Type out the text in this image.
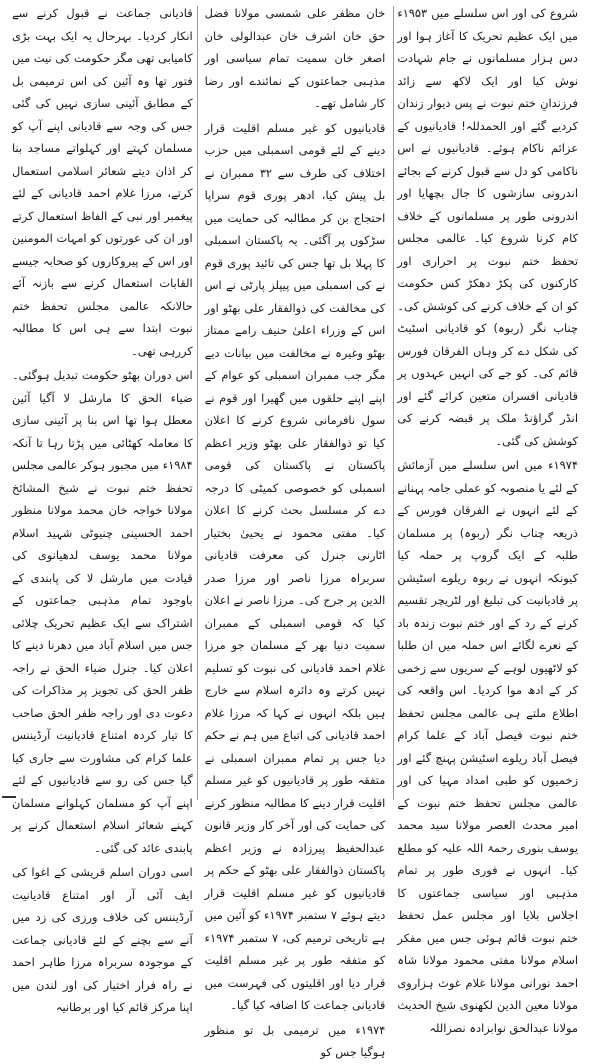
شروع کی اور اس سلسلے میں ۱۹۵۳ء میں ایک عظیم تحریک کا آغاز ہوا اور دس ہزار مسلمانوں نے جام شہادت نوش کیا اور ایک لاکھ سے زائد فرزندانِ ختم نبوت نے پس دیوار زندان کردیے گئے اور الحمدللہ! قادیانیوں کے عزائم ناکام ہوئے۔ قادیانیوں نے اس ناکامی کو دل سے قبول کرنے کے بجائے اندرونی سازشوں کا جال بچھایا اور اندرونی طور پر مسلمانوں کے خلاف کام کرنا شروع کیا۔ عالمی مجلس تحفظ ختم نبوت پر احراری اور کارکنوں کی پکڑ دھکڑ کس حکومت کو ان کے خلاف کرنے کی کوشش کی۔ چناب نگر (ربوہ) کو قادیانی اسٹیٹ کی شکل دے کر وہاں الفرقان فورس قائم کی۔ کو جے کی انہیں عہدوں پر قادیانی افسران متعین کرائے گئے اور انڈر گراؤنڈ ملک پر قبضہ کرنے کی کوشش کی گئی۔

۱۹۷۴ء میں اس سلسلے میں آزمائش کے لئے یا منصوبہ کو عملی جامہ پہنانے کے لئے انہوں نے الفرقان فورس کے ذریعہ چناب نگر (ربوہ) پر مسلمان طلبہ کے ایک گروپ پر حملہ کیا کیونکہ انہوں نے ربوہ ریلوے اسٹیشن پر قادیانیت کی تبلیغ اور لٹریچر تقسیم کرنے کے رد کے اور ختم نبوت زندہ باد کے نعرے لگائے اس حملہ میں ان طلبا کو لاٹھیوں لوہے کے سریوں سے زخمی کر کے ادھ موا کردیا۔ اس واقعہ کی اطلاع ملتے ہی عالمی مجلس تحفظ ختم نبوت فیصل آباد کے علما کرام فیصل آباد ریلوے اسٹیشن پہنچ گئے اور زخمیوں کو طبی امداد مہیا کی اور عالمی مجلس تحفظ ختم نبوت کے امیر محدث العصر مولانا سید محمد یوسف بنوری رحمۃ اللہ علیہ کو مطلع کیا۔ انہوں نے فوری طور پر تمام مذہبی اور سیاسی جماعتوں کا اجلاس بلایا اور مجلس عمل تحفظ ختم نبوت قائم ہوئی جس میں مفکر اسلام مولانا مفتی محمود مولانا شاہ احمد نورانی مولانا غلام غوث ہزاروی مولانا معین الدین لکھنوی شیخ الحدیث مولانا عبدالحق نوابزادہ نصراللہ

خان مظفر علی شمسی مولانا فضل حق خان اشرف خان عبدالولی خان اصغر خان سمیت تمام سیاسی اور مذہبی جماعتوں کے نمائندے اور رضا کار شامل تھے۔

قادیانیوں کو غیر مسلم اقلیت قرار دینے کے لئے قومی اسمبلی میں حزب اختلاف کی طرف سے ۳۲ ممبران نے بل پیش کیا، ادھر پوری قوم سراپا احتجاج بن کر مطالبہ کی حمایت میں سڑکوں پر آگئی۔ یہ پاکستان اسمبلی کا پہلا بل تھا جس کی تائید پوری قوم نے کی اسمبلی میں پیپلز پارٹی نے اس کی مخالفت کی ذوالفقار علی بھٹو اور اس کے وزراء اعلیٰ حنیف رامے ممتاز بھٹو وغیرہ نے مخالفت میں بیانات دیے مگر جب ممبران اسمبلی کو عوام کے اپنے اپنے حلقوں میں گھیرا اور قوم نے سول نافرمانی شروع کرنے کا اعلان کیا تو ذوالفقار علی بھٹو وزیر اعظم پاکستان نے پاکستان کی قومی اسمبلی کو خصوصی کمیٹی کا درجہ دے کر مسلسل بحث کرنے کا اعلان کیا۔ مفتی محمود نے یحییٰ بختیار اٹارنی جنرل کی معرفت قادیانی سربراہ مرزا ناصر اور مرزا صدر الدین پر جرح کی۔ مرزا ناصر نے اعلان کیا کہ قومی اسمبلی کے ممبران سمیت دنیا بھر کے مسلمان جو مرزا غلام احمد قادیانی کی نبوت کو تسلیم نہیں کرتے وہ دائرہ اسلام سے خارج ہیں بلکہ انہوں نے کہا کہ مرزا غلام احمد قادیانی کی اتباع میں ہم نے حکم دیا جس پر تمام ممبران اسمبلی نے متفقہ طور پر قادیانیوں کو غیر مسلم اقلیت قرار دینے کا مطالبہ منظور کرنے کی حمایت کی اور آخر کار وزیر قانون عبدالحفیظ پیرزادہ نے وزیر اعظم پاکستان ذوالفقار علی بھٹو کے حکم پر قادیانیوں کو غیر مسلم اقلیت قرار دیتے ہوئے ۷ ستمبر ۱۹۷۴ء کو آئین میں ہے تاریخی ترمیم کی، ۷ ستمبر ۱۹۷۴ء کو متفقہ طور پر غیر مسلم اقلیت قرار دیا اور اقلیتوں کی فہرست میں قادیانی جماعت کا اضافہ کیا گیا۔

۱۹۷۴ء میں ترمیمی بل تو منظور ہوگیا جس کو

قادیانی جماعت نے قبول کرنے سے انکار کردیا۔ بہرحال یہ ایک بہت بڑی کامیابی تھی مگر حکومت کی نیت میں فتور تھا وہ آئین کی اس ترمیمی بل کے مطابق آئینی سازی نہیں کی گئی جس کی وجہ سے قادیانی اپنے آپ کو مسلمان کہتے اور کہلواتے مساجد بنا کر اذان دیتے شعائر اسلامی استعمال کرتے، مرزا غلام احمد قادیانی کے لئے پیغمبر اور نبی کے الفاظ استعمال کرتے اور ان کی عورتوں کو امہات المومنین اور اس کے پیروکاروں کو صحابہ جیسے القابات استعمال کرنے سے بازنہ آئے حالانکہ عالمی مجلس تحفظ ختم نبوت ابتدا سے ہی اس کا مطالبہ کررہی تھی۔

اس دوران بھٹو حکومت تبدیل ہوگئی۔ ضیاء الحق کا مارشل لا آگیا آئین معطل ہوا تھا اس بنا پر آئینی سازی کا معاملہ کھٹائی میں پڑتا رہا تا آنکہ ۱۹۸۴ء میں مجبور ہوکر عالمی مجلس تحفظ ختم نبوت نے شیخ المشائخ مولانا خواجہ خان محمد مولانا منظور احمد الحسینی چنیوٹی شہید اسلام مولانا محمد یوسف لدھیانوی کی قیادت میں مارشل لا کی پابندی کے باوجود تمام مذہبی جماعتوں کے اشتراک سے ایک عظیم تحریک چلائی جس میں اسلام آباد میں دھرنا دینے کا اعلان کیا۔ جنرل ضیاء الحق نے راجہ ظفر الحق کی تجویز پر مذاکرات کی دعوت دی اور راجہ ظفر الحق صاحب کا تیار کردہ امتناع قادیانیت آرڈیننس علما کرام کی مشاورت سے جاری کیا گیا جس کی رو سے قادیانیوں کے لئے اپنے آپ کو مسلمان کہلوانے مسلمان کہنے شعائر اسلام استعمال کرنے پر پابندی عائد کی گئی۔

اسی دوران اسلم قریشی کے اغوا کی ایف آئی آر اور امتناع قادیانیت آرڈیننس کی خلاف ورزی کی زد میں آنے سے بچنے کے لئے قادیانی جماعت کے موجودہ سربراہ مرزا طاہر احمد نے راہ فرار اختیار کی اور لندن میں اپنا مرکز قائم کیا اور برطانیہ
